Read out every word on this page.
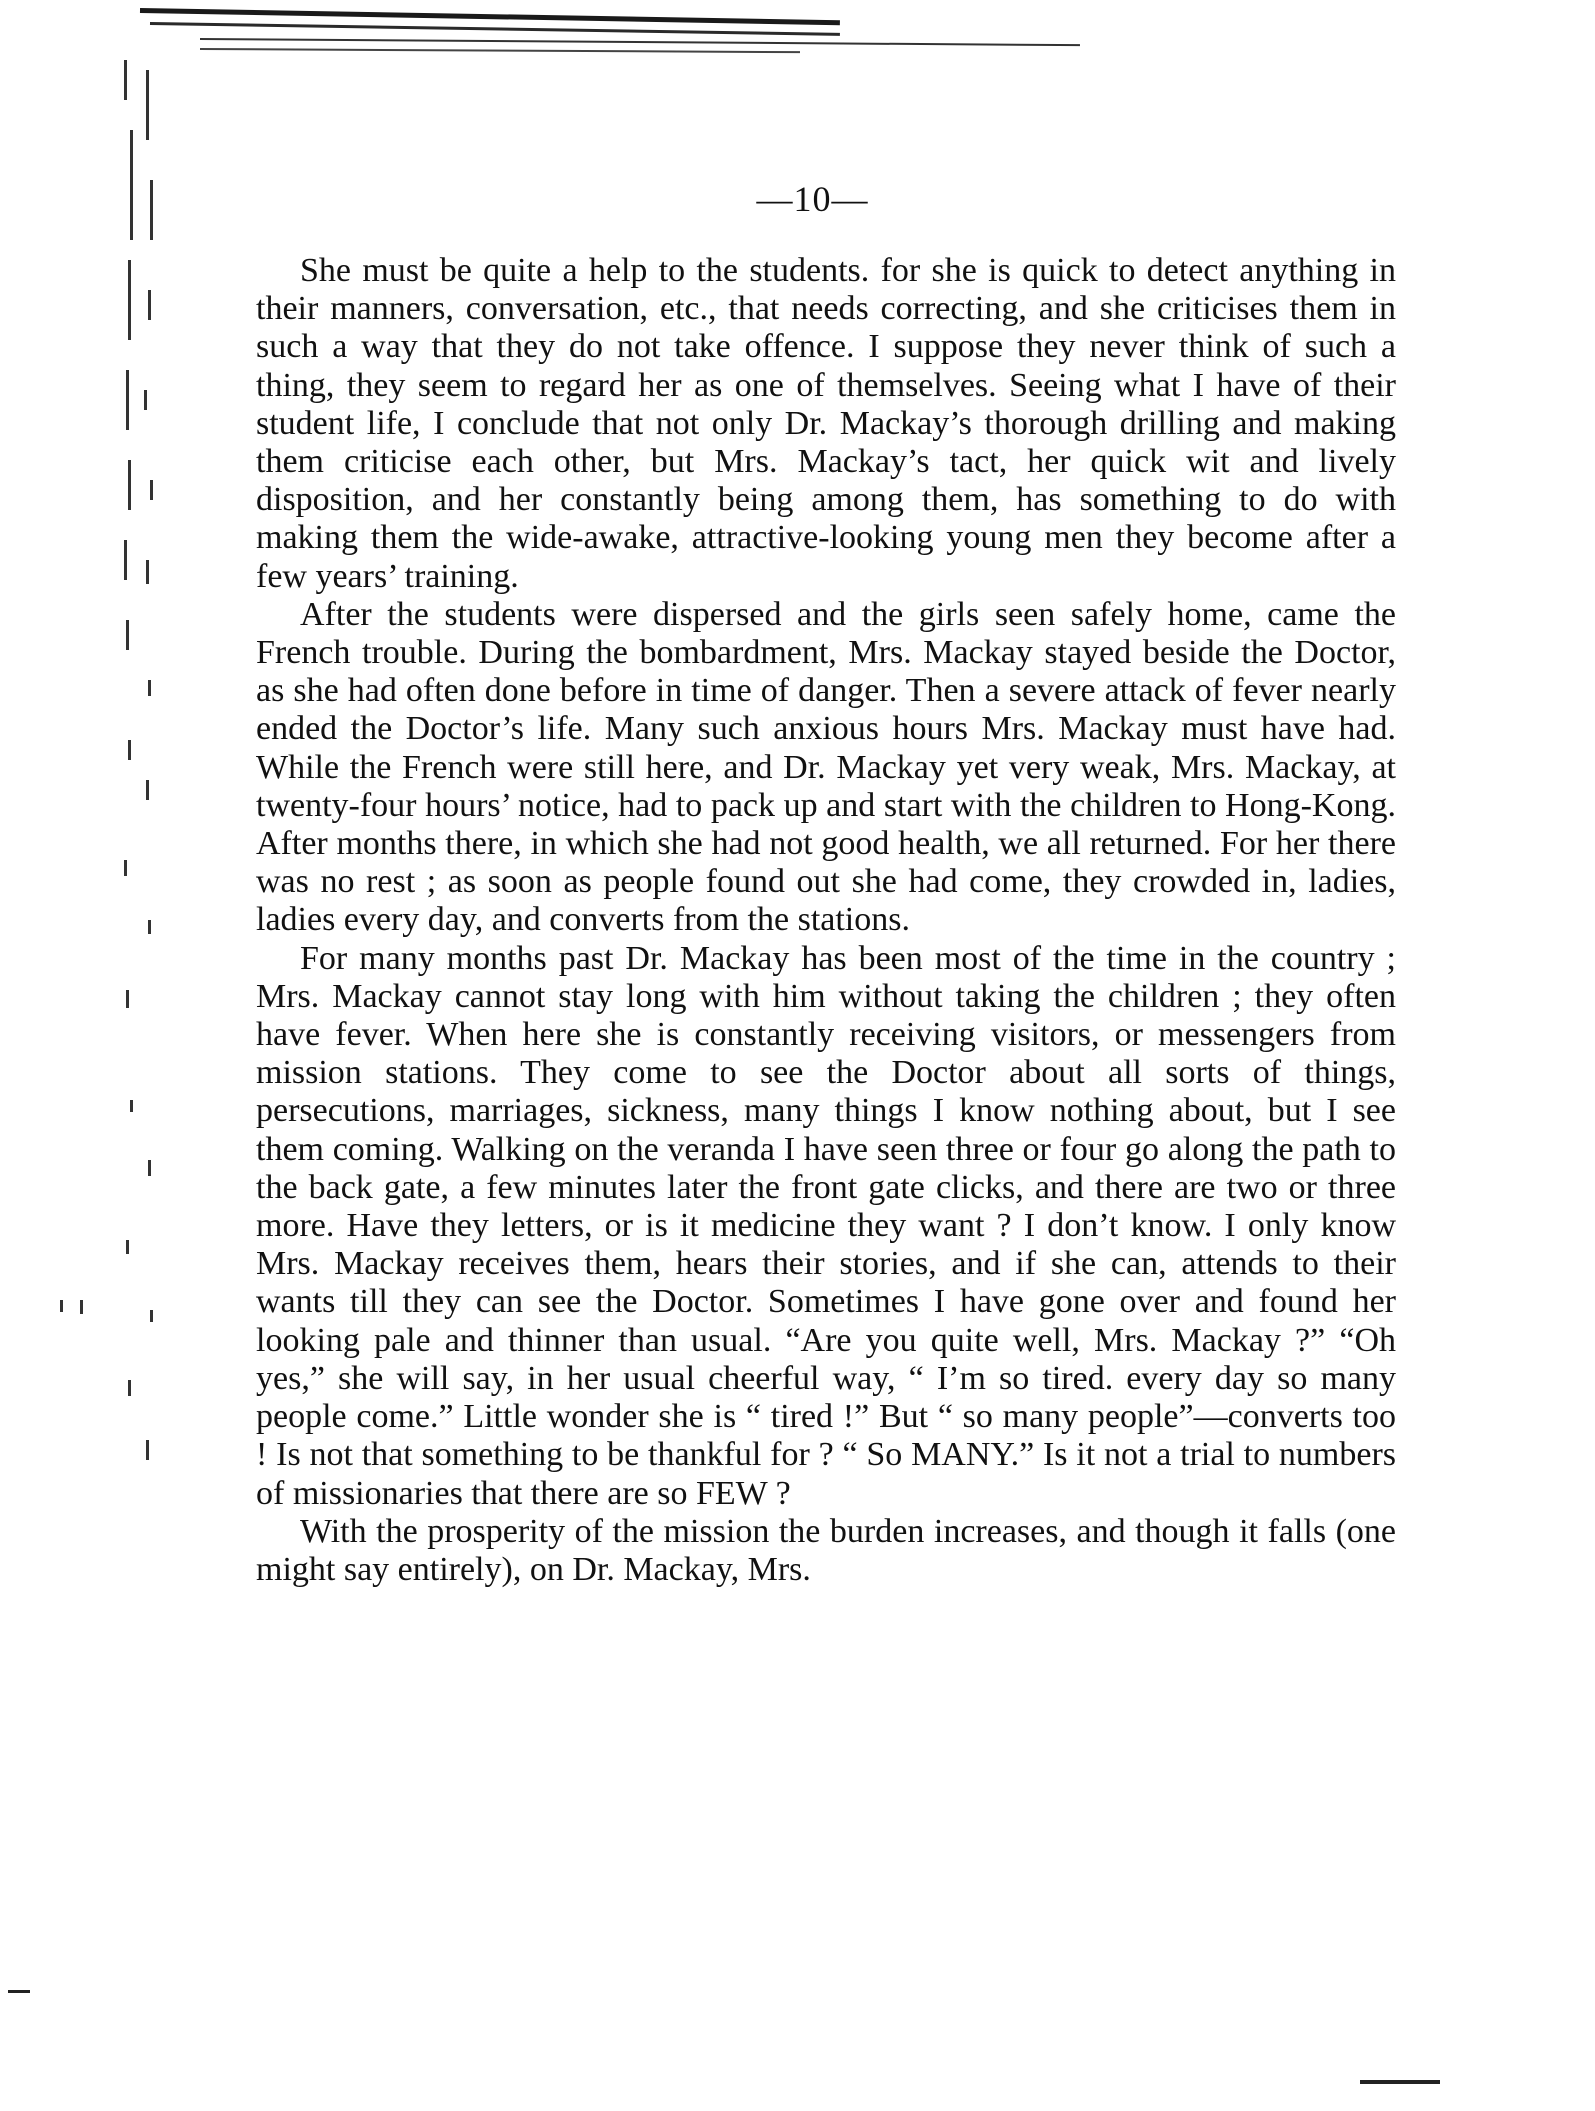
—10—

She must be quite a help to the students. for she is quick to detect anything in their manners, conversation, etc., that needs correcting, and she criticises them in such a way that they do not take offence. I suppose they never think of such a thing, they seem to regard her as one of themselves. Seeing what I have of their student life, I conclude that not only Dr. Mackay’s thorough drilling and making them criticise each other, but Mrs. Mackay’s tact, her quick wit and lively disposition, and her constantly being among them, has something to do with making them the wide-awake, attractive-looking young men they become after a few years’ training.

After the students were dispersed and the girls seen safely home, came the French trouble. During the bombardment, Mrs. Mackay stayed beside the Doctor, as she had often done before in time of danger. Then a severe attack of fever nearly ended the Doctor’s life. Many such anxious hours Mrs. Mackay must have had. While the French were still here, and Dr. Mackay yet very weak, Mrs. Mackay, at twenty-four hours’ notice, had to pack up and start with the children to Hong-Kong. After months there, in which she had not good health, we all returned. For her there was no rest ; as soon as people found out she had come, they crowded in, ladies, ladies every day, and converts from the stations.

For many months past Dr. Mackay has been most of the time in the country ; Mrs. Mackay cannot stay long with him without taking the children ; they often have fever. When here she is constantly receiving visitors, or messengers from mission stations. They come to see the Doctor about all sorts of things, persecutions, marriages, sickness, many things I know nothing about, but I see them coming. Walking on the veranda I have seen three or four go along the path to the back gate, a few minutes later the front gate clicks, and there are two or three more. Have they letters, or is it medicine they want ? I don’t know. I only know Mrs. Mackay receives them, hears their stories, and if she can, attends to their wants till they can see the Doctor. Sometimes I have gone over and found her looking pale and thinner than usual. “Are you quite well, Mrs. Mackay ?” “Oh yes,” she will say, in her usual cheerful way, “ I’m so tired. every day so many people come.” Little wonder she is “ tired !” But “ so many people”—converts too ! Is not that something to be thankful for ? “ So MANY.” Is it not a trial to numbers of missionaries that there are so FEW ?

With the prosperity of the mission the burden increases, and though it falls (one might say entirely), on Dr. Mackay, Mrs.
